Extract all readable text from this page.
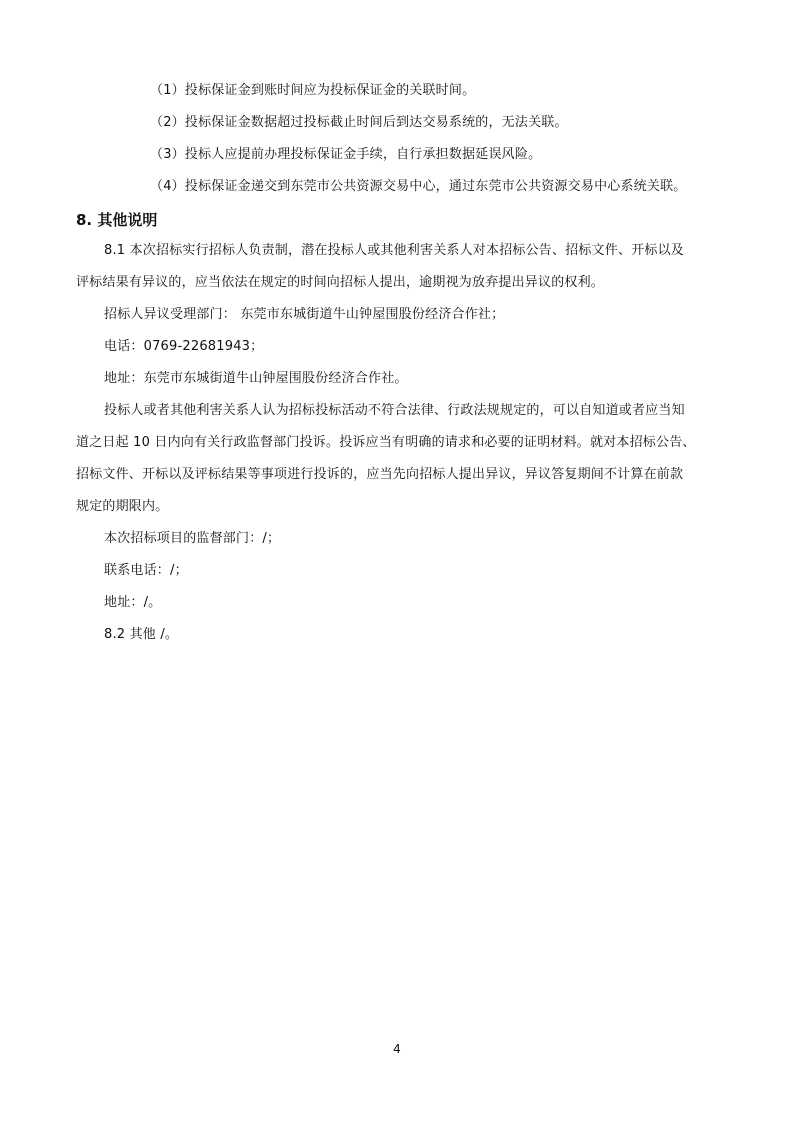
（1）投标保证金到账时间应为投标保证金的关联时间。
（2）投标保证金数据超过投标截止时间后到达交易系统的，无法关联。
（3）投标人应提前办理投标保证金手续，自行承担数据延误风险。
（4）投标保证金递交到东莞市公共资源交易中心，通过东莞市公共资源交易中心系统关联。
8. 其他说明
8.1 本次招标实行招标人负责制，潜在投标人或其他利害关系人对本招标公告、招标文件、开标以及
评标结果有异议的，应当依法在规定的时间向招标人提出，逾期视为放弃提出异议的权利。
招标人异议受理部门： 东莞市东城街道牛山钟屋围股份经济合作社；
电话：0769-22681943；
地址：东莞市东城街道牛山钟屋围股份经济合作社。
投标人或者其他利害关系人认为招标投标活动不符合法律、行政法规规定的，可以自知道或者应当知
道之日起 10 日内向有关行政监督部门投诉。投诉应当有明确的请求和必要的证明材料。就对本招标公告、
招标文件、开标以及评标结果等事项进行投诉的，应当先向招标人提出异议，异议答复期间不计算在前款
规定的期限内。
本次招标项目的监督部门：/；
联系电话：/；
地址：/。
8.2 其他 /。
4
